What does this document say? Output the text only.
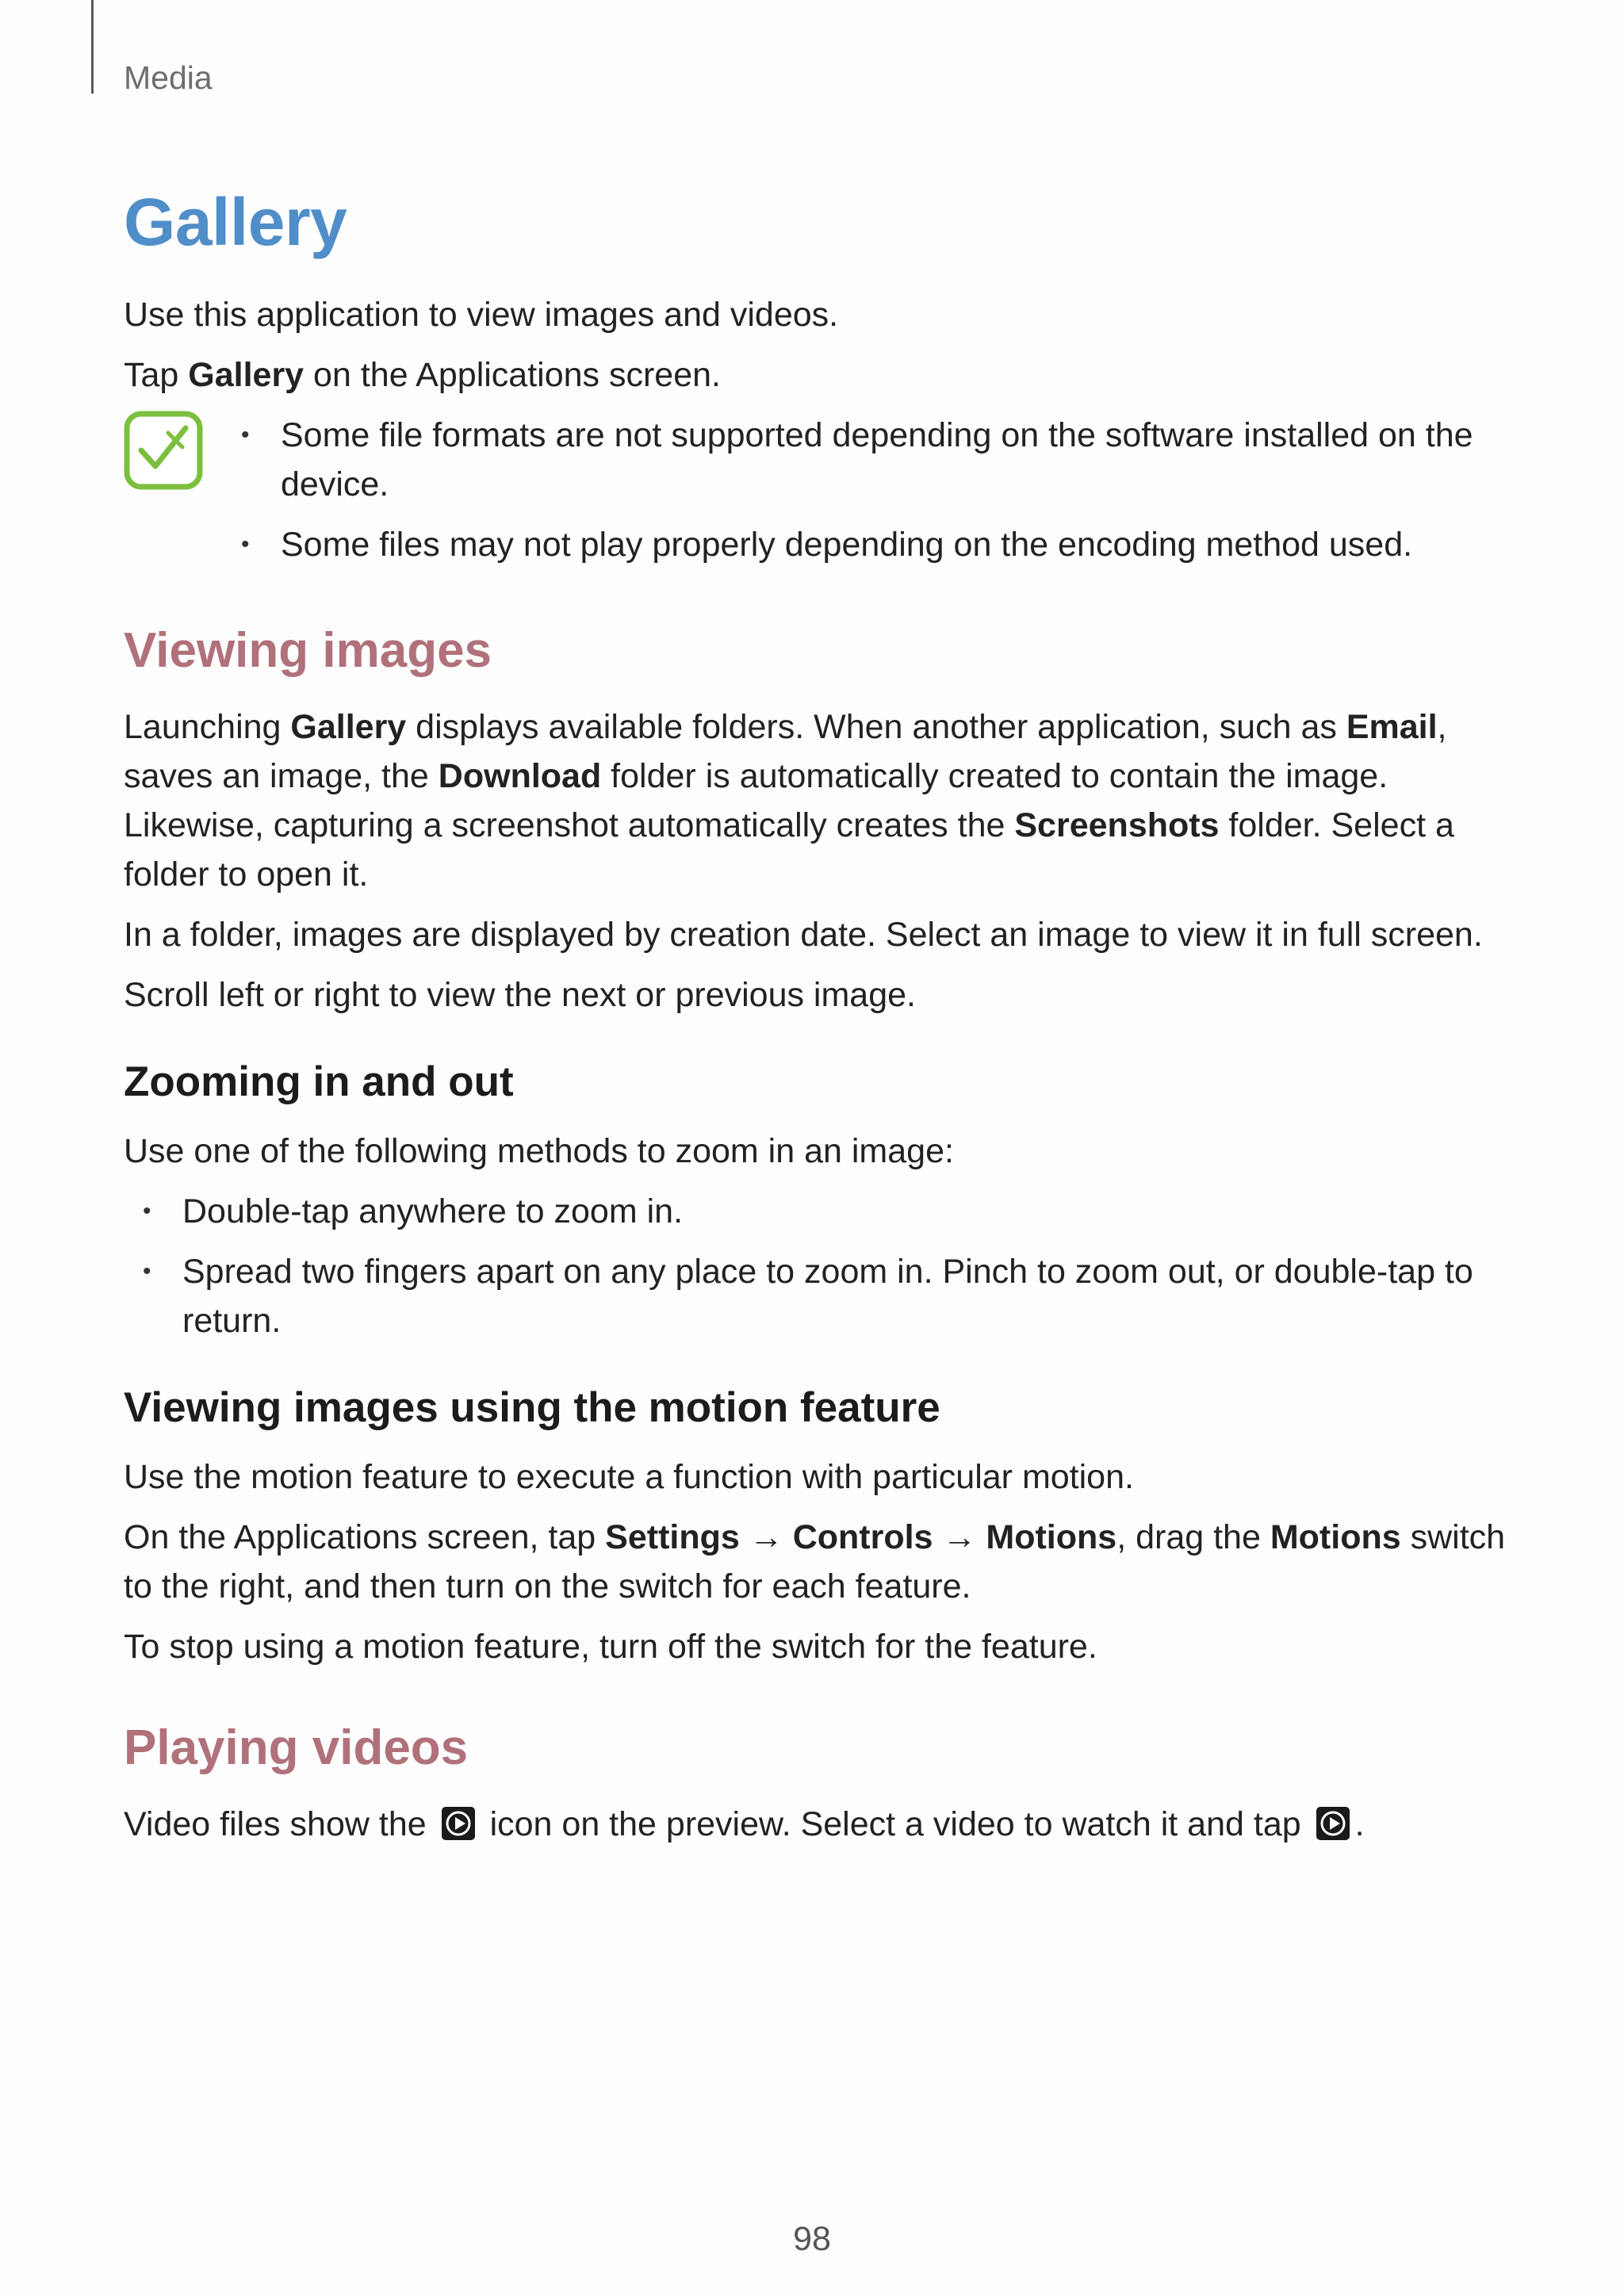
Media
Gallery

Use this application to view images and videos.

Tap Gallery on the Applications screen.

• Some file formats are not supported depending on the software installed on the device.
• Some files may not play properly depending on the encoding method used.
Viewing images

Launching Gallery displays available folders. When another application, such as Email, saves an image, the Download folder is automatically created to contain the image. Likewise, capturing a screenshot automatically creates the Screenshots folder. Select a folder to open it.

In a folder, images are displayed by creation date. Select an image to view it in full screen.

Scroll left or right to view the next or previous image.

Zooming in and out

Use one of the following methods to zoom in an image:

• Double-tap anywhere to zoom in.
• Spread two fingers apart on any place to zoom in. Pinch to zoom out, or double-tap to return.
Viewing images using the motion feature

Use the motion feature to execute a function with particular motion.

On the Applications screen, tap Settings → Controls → Motions, drag the Motions switch to the right, and then turn on the switch for each feature.

To stop using a motion feature, turn off the switch for the feature.

Playing videos

Video files show the  icon on the preview. Select a video to watch it and tap .

98
